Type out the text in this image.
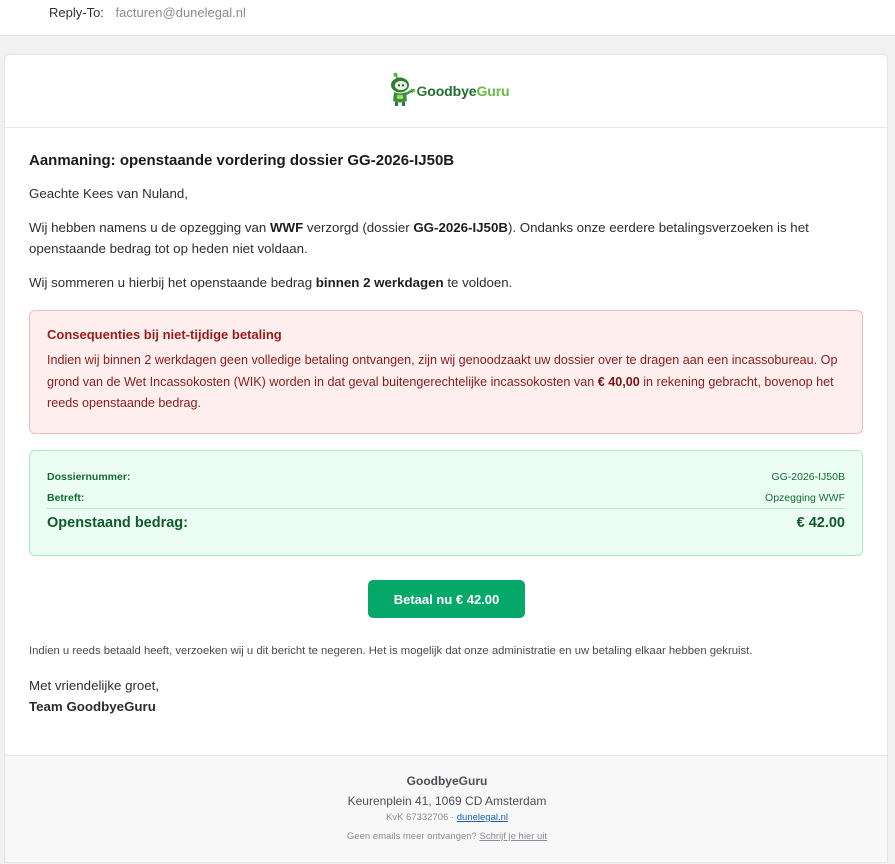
Reply-To: facturen@dunelegal.nl
GoodbyeGuru
Aanmaning: openstaande vordering dossier GG-2026-IJ50B
Geachte Kees van Nuland,
Wij hebben namens u de opzegging van WWF verzorgd (dossier GG-2026-IJ50B). Ondanks onze eerdere betalingsverzoeken is het openstaande bedrag tot op heden niet voldaan.
Wij sommeren u hierbij het openstaande bedrag binnen 2 werkdagen te voldoen.
Consequenties bij niet-tijdige betaling
Indien wij binnen 2 werkdagen geen volledige betaling ontvangen, zijn wij genoodzaakt uw dossier over te dragen aan een incassobureau. Op grond van de Wet Incassokosten (WIK) worden in dat geval buitengerechtelijke incassokosten van € 40,00 in rekening gebracht, bovenop het reeds openstaande bedrag.
Dossiernummer:	GG-2026-IJ50B
Betreft:	Opzegging WWF
Openstaand bedrag:	€ 42.00
Betaal nu € 42.00
Indien u reeds betaald heeft, verzoeken wij u dit bericht te negeren. Het is mogelijk dat onze administratie en uw betaling elkaar hebben gekruist.
Met vriendelijke groet,
Team GoodbyeGuru
GoodbyeGuru
Keurenplein 41, 1069 CD Amsterdam
KvK 67332706 · dunelegal.nl
Geen emails meer ontvangen? Schrijf je hier uit
